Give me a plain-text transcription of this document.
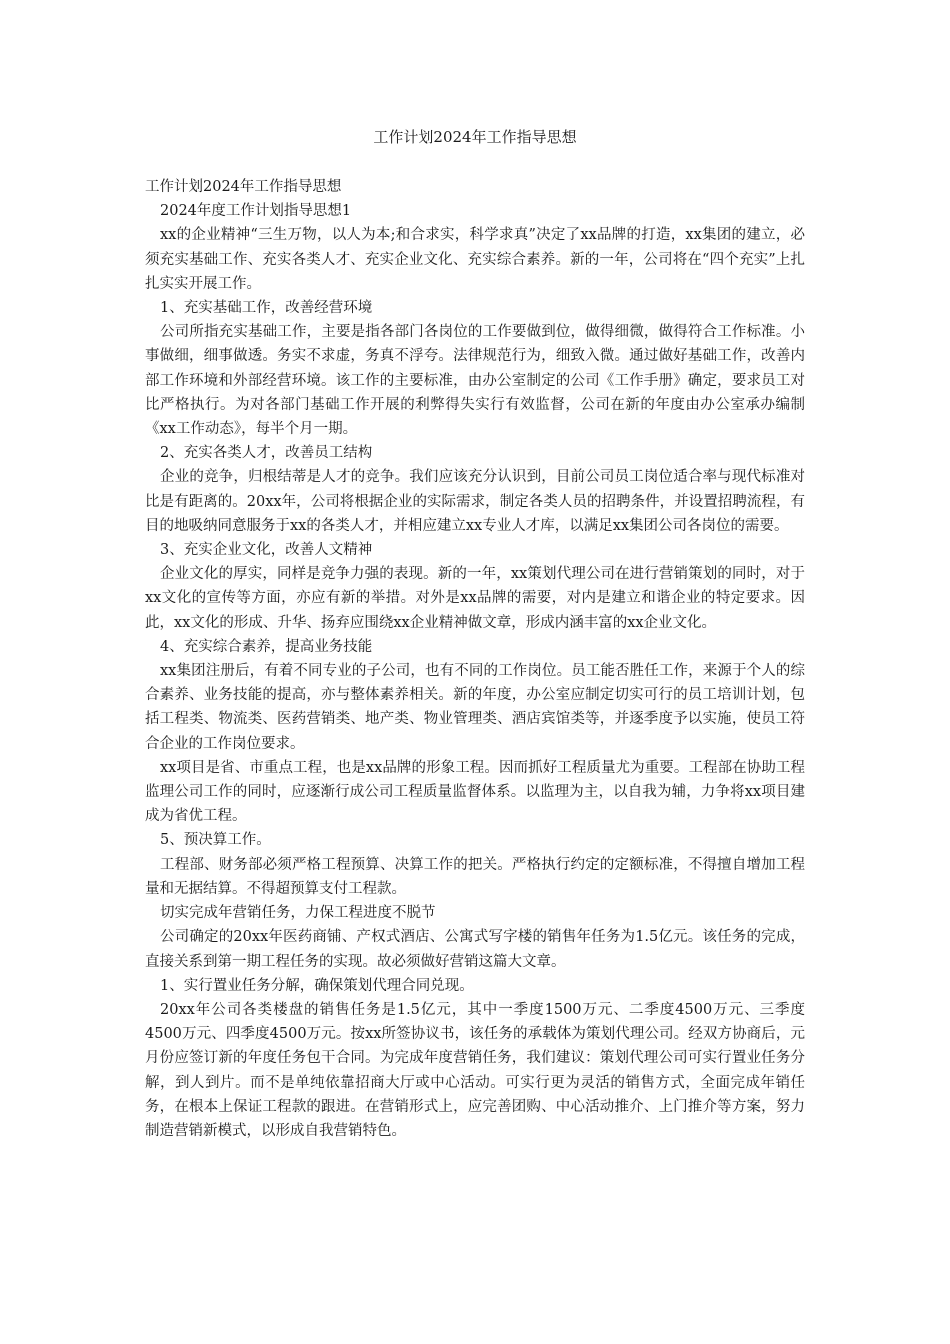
工作计划2024年工作指导思想

工作计划2024年工作指导思想

2024年度工作计划指导思想1

xx的企业精神“三生万物，以人为本;和合求实，科学求真”决定了xx品牌的打造，xx集团的建立，必须充实基础工作、充实各类人才、充实企业文化、充实综合素养。新的一年，公司将在“四个充实”上扎扎实实开展工作。

1、充实基础工作，改善经营环境

公司所指充实基础工作，主要是指各部门各岗位的工作要做到位，做得细微，做得符合工作标准。小事做细，细事做透。务实不求虚，务真不浮夸。法律规范行为，细致入微。通过做好基础工作，改善内部工作环境和外部经营环境。该工作的主要标准，由办公室制定的公司《工作手册》确定，要求员工对比严格执行。为对各部门基础工作开展的利弊得失实行有效监督，公司在新的年度由办公室承办编制《xx工作动态》，每半个月一期。

2、充实各类人才，改善员工结构

企业的竞争，归根结蒂是人才的竞争。我们应该充分认识到，目前公司员工岗位适合率与现代标准对比是有距离的。20xx年，公司将根据企业的实际需求，制定各类人员的招聘条件，并设置招聘流程，有目的地吸纳同意服务于xx的各类人才，并相应建立xx专业人才库，以满足xx集团公司各岗位的需要。

3、充实企业文化，改善人文精神

企业文化的厚实，同样是竞争力强的表现。新的一年，xx策划代理公司在进行营销策划的同时，对于xx文化的宣传等方面，亦应有新的举措。对外是xx品牌的需要，对内是建立和谐企业的特定要求。因此，xx文化的形成、升华、扬弃应围绕xx企业精神做文章，形成内涵丰富的xx企业文化。

4、充实综合素养，提高业务技能

xx集团注册后，有着不同专业的子公司，也有不同的工作岗位。员工能否胜任工作，来源于个人的综合素养、业务技能的提高，亦与整体素养相关。新的年度，办公室应制定切实可行的员工培训计划，包括工程类、物流类、医药营销类、地产类、物业管理类、酒店宾馆类等，并逐季度予以实施，使员工符合企业的工作岗位要求。

xx项目是省、市重点工程，也是xx品牌的形象工程。因而抓好工程质量尤为重要。工程部在协助工程监理公司工作的同时，应逐渐行成公司工程质量监督体系。以监理为主，以自我为辅，力争将xx项目建成为省优工程。

5、预决算工作。

工程部、财务部必须严格工程预算、决算工作的把关。严格执行约定的定额标准，不得擅自增加工程量和无据结算。不得超预算支付工程款。

切实完成年营销任务，力保工程进度不脱节

公司确定的20xx年医药商铺、产权式酒店、公寓式写字楼的销售年任务为1.5亿元。该任务的完成，直接关系到第一期工程任务的实现。故必须做好营销这篇大文章。

1、实行置业任务分解，确保策划代理合同兑现。

20xx年公司各类楼盘的销售任务是1.5亿元，其中一季度1500万元、二季度4500万元、三季度4500万元、四季度4500万元。按xx所签协议书，该任务的承载体为策划代理公司。经双方协商后，元月份应签订新的年度任务包干合同。为完成年度营销任务，我们建议：策划代理公司可实行置业任务分解，到人到片。而不是单纯依靠招商大厅或中心活动。可实行更为灵活的销售方式，全面完成年销任务，在根本上保证工程款的跟进。在营销形式上，应完善团购、中心活动推介、上门推介等方案，努力制造营销新模式，以形成自我营销特色。
